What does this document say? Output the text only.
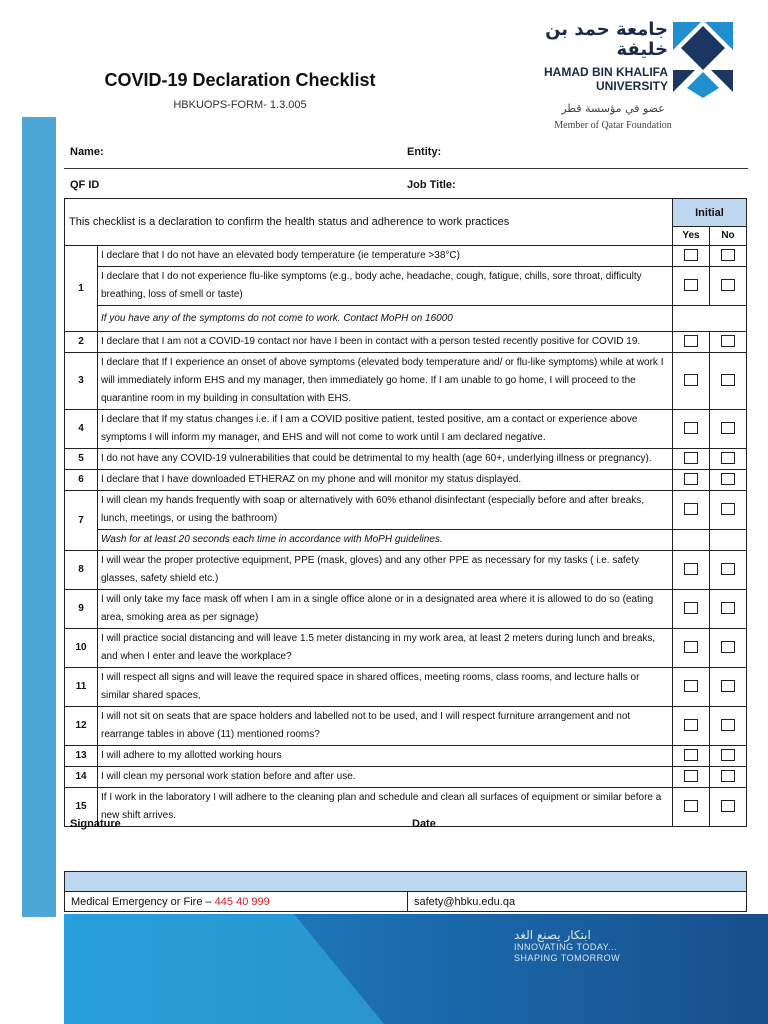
COVID-19 Declaration Checklist
HBKUOPS-FORM- 1.3.005
جامعة حمد بن خليفة
HAMAD BIN KHALIFA
UNIVERSITY
عضو في مؤسسة قطر
Member of Qatar Foundation
Name:	Entity:
QF ID	Job Title:
This checklist is a declaration to confirm the health status and adherence to work practices		Initial	
		Yes	No
1	I declare that I do not have an elevated body temperature (ie temperature >38°C)		
	I declare that I do not experience flu-like symptoms (e.g., body ache, headache, cough, fatigue, chills, sore throat, difficulty breathing, loss of smell or taste)		
	If you have any of the symptoms do not come to work. Contact MoPH on 16000		
2	I declare that I am not a COVID-19 contact nor have I been in contact with a person tested recently positive for COVID 19.		
3	I declare that If I experience an onset of above symptoms (elevated body temperature and/ or flu-like symptoms) while at work I will immediately inform EHS and my manager, then immediately go home. If I am unable to go home, I will proceed to the quarantine room in my building in consultation with EHS.		
4	I declare that If my status changes i.e. if I am a COVID positive patient, tested positive, am a contact or experience above symptoms I will inform my manager, and EHS and will not come to work until I am declared negative.		
5	I do not have any COVID-19 vulnerabilities that could be detrimental to my health (age 60+, underlying illness or pregnancy).		
6	I declare that I have downloaded ETHERAZ on my phone and will monitor my status displayed.		
7	I will clean my hands frequently with soap or alternatively with 60% ethanol disinfectant (especially before and after breaks, lunch, meetings, or using the bathroom)		
	Wash for at least 20 seconds each time in accordance with MoPH guidelines.		
8	I will wear the proper protective equipment, PPE (mask, gloves) and any other PPE as necessary for my tasks ( i.e. safety glasses, safety shield etc.)		
9	I will only take my face mask off when I am in a single office alone or in a designated area where it is allowed to do so (eating area, smoking area as per signage)		
10	I will practice social distancing and will leave 1.5 meter distancing in my work area, at least 2 meters during lunch and breaks, and when I enter and leave the workplace?		
11	I will respect all signs and will leave the required space in shared offices, meeting rooms, class rooms, and lecture halls or similar shared spaces,		
12	I will not sit on seats that are space holders and labelled not to be used, and I will respect furniture arrangement and not rearrange tables in above (11) mentioned rooms?		
13	I will adhere to my allotted working hours		
14	I will clean my personal work station before and after use.		
15	If I work in the laboratory I will adhere to the cleaning plan and schedule and clean all surfaces of equipment or similar before a new shift arrives.		
Signature	Date

Medical Emergency or Fire – 445 40 999	safety@hbku.edu.qa
ابتكار يصنع الغد
INNOVATING TODAY...
SHAPING TOMORROW
